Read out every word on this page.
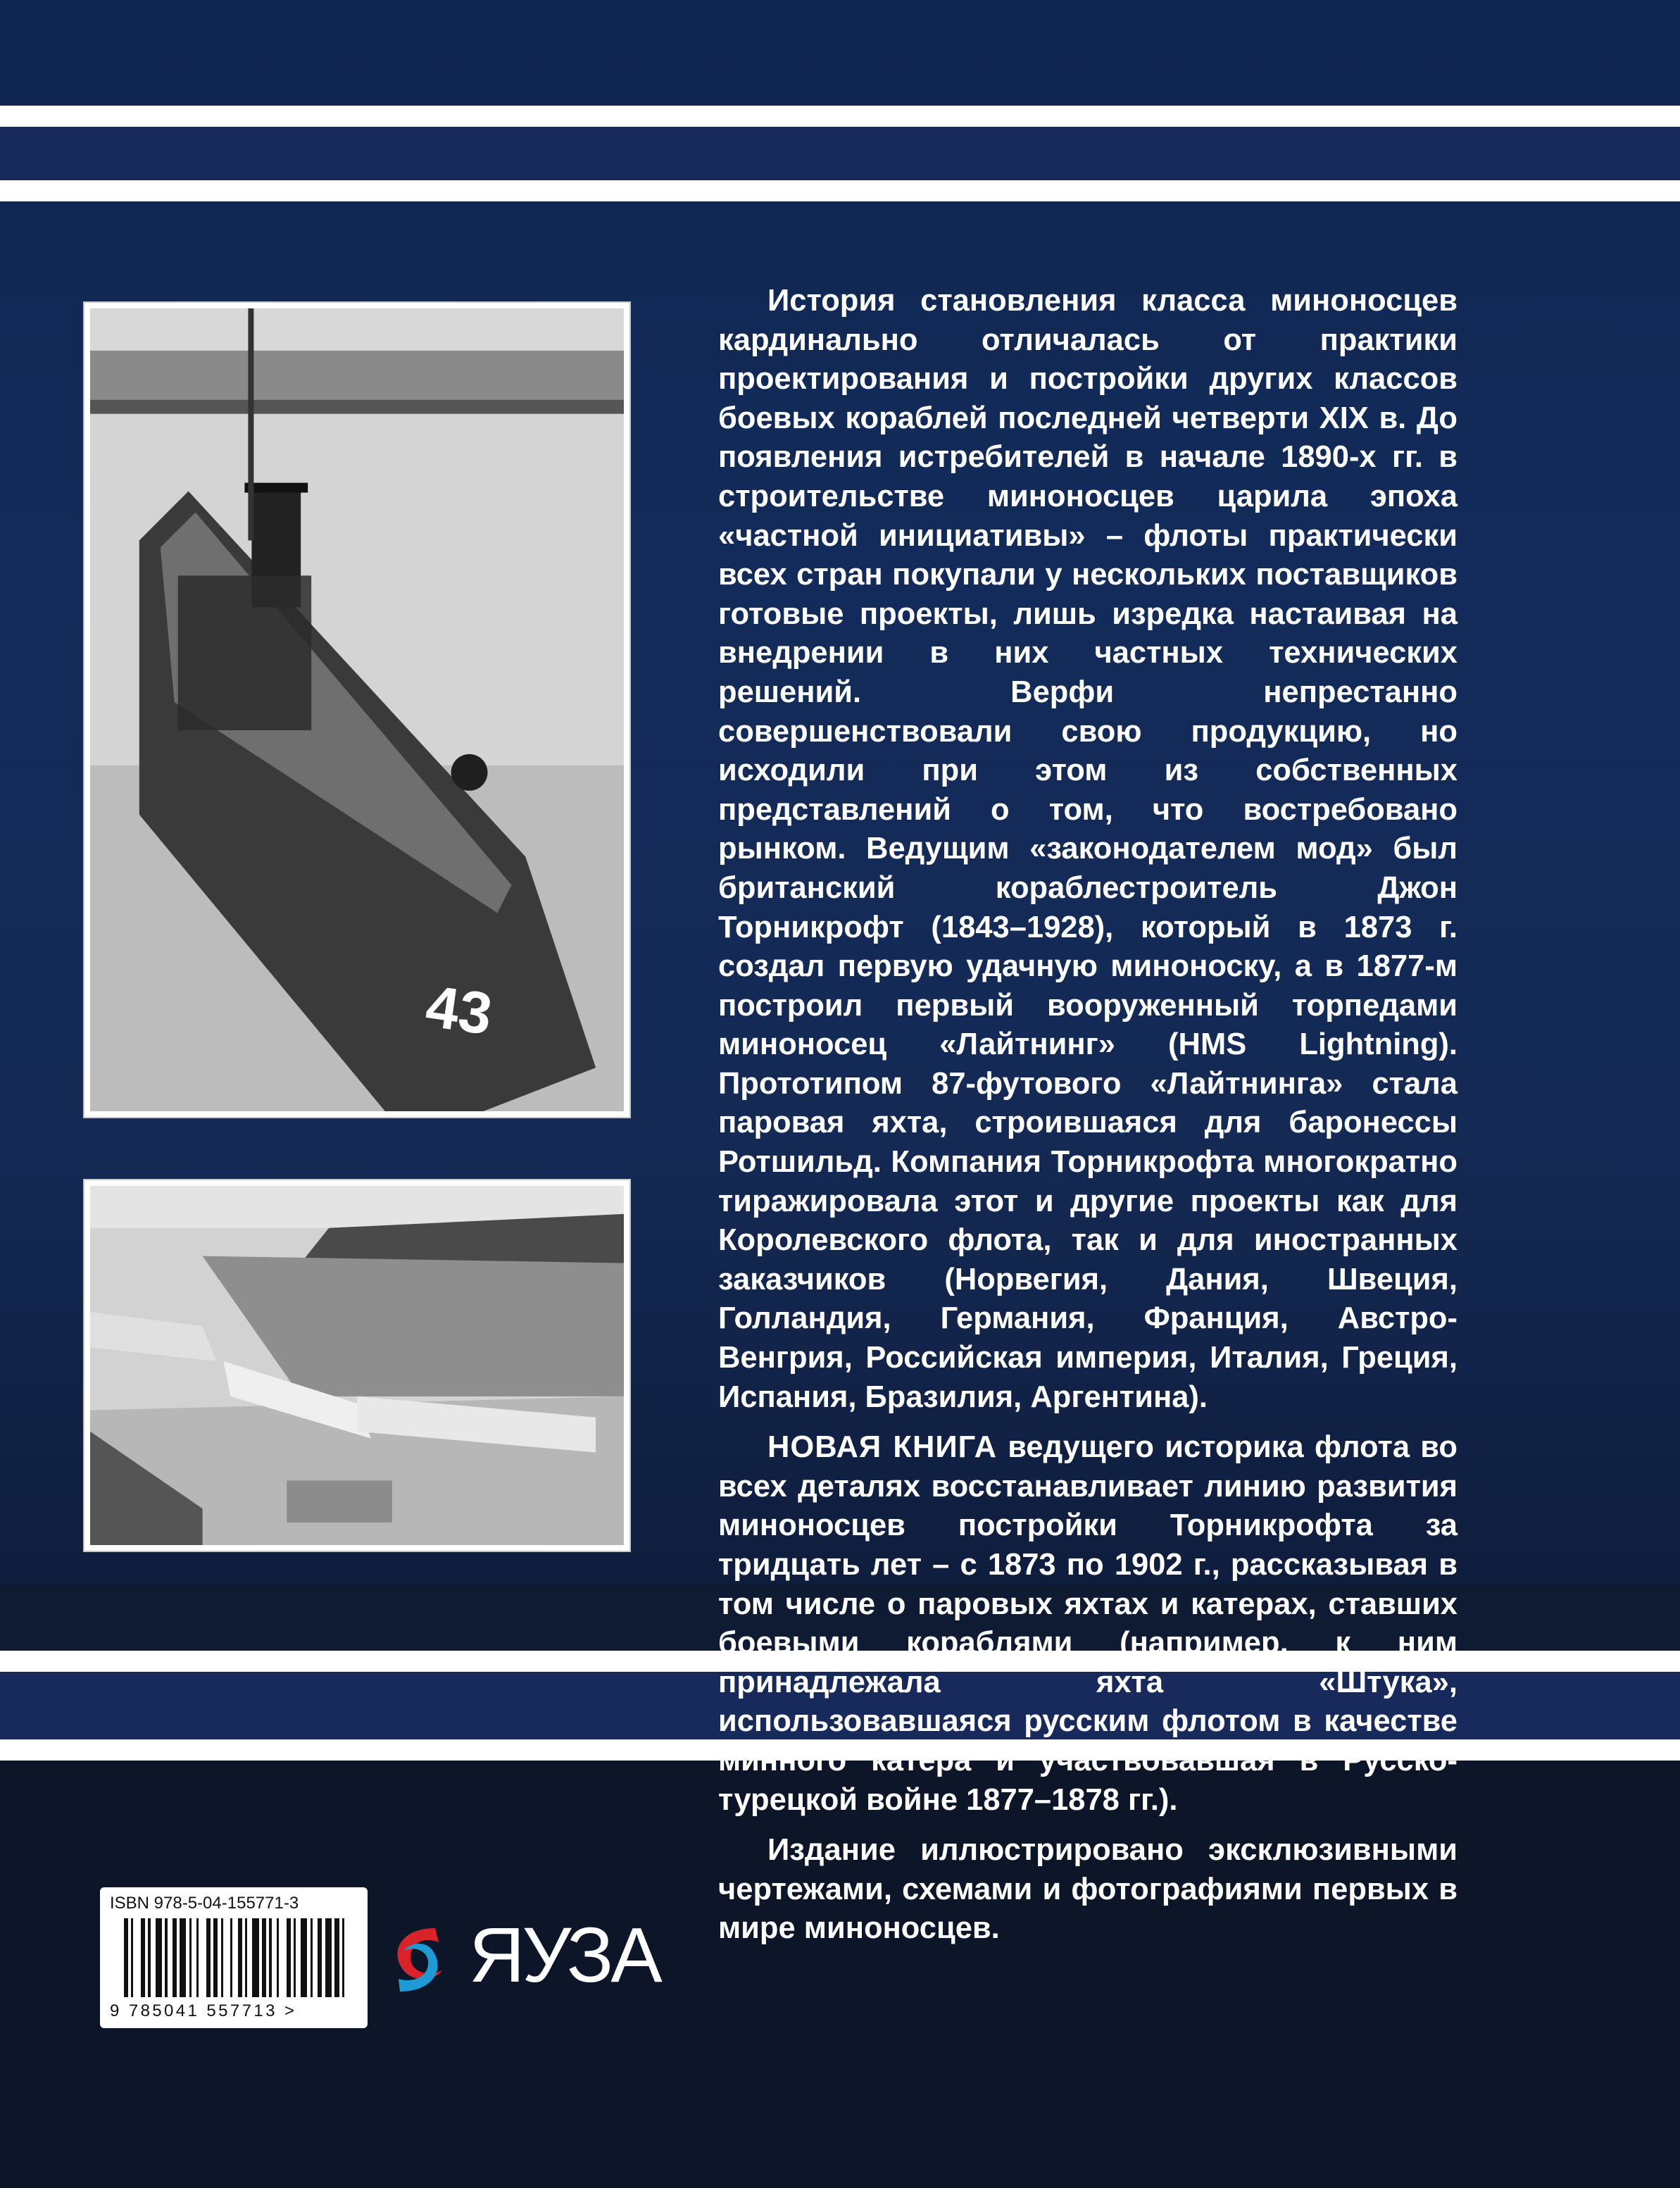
43

История становления класса миноносцев кардинально отличалась от практики проектирования и постройки других классов боевых кораблей последней четверти XIX в. До появления истребителей в начале 1890-х гг. в строительстве миноносцев царила эпоха «частной инициативы» – флоты практически всех стран покупали у нескольких поставщиков готовые проекты, лишь изредка настаивая на внедрении в них частных технических решений. Верфи непрестанно совершенствовали свою продукцию, но исходили при этом из собственных представлений о том, что востребовано рынком. Ведущим «законодателем мод» был британский кораблестроитель Джон Торникрофт (1843–1928), который в 1873 г. создал первую удачную миноноску, а в 1877-м построил первый вооруженный торпедами миноносец «Лайтнинг» (HMS Lightning). Прототипом 87-футового «Лайтнинга» стала паровая яхта, строившаяся для баронессы Ротшильд. Компания Торникрофта многократно тиражировала этот и другие проекты как для Королевского флота, так и для иностранных заказчиков (Норвегия, Дания, Швеция, Голландия, Германия, Франция, Австро-Венгрия, Российская империя, Италия, Греция, Испания, Бразилия, Аргентина).

НОВАЯ КНИГА ведущего историка флота во всех деталях восстанавливает линию развития миноносцев постройки Торникрофта за тридцать лет – с 1873 по 1902 г., рассказывая в том числе о паровых яхтах и катерах, ставших боевыми кораблями (например, к ним принадлежала яхта «Штука», использовавшаяся русским флотом в качестве минного катера и участвовавшая в Русско-турецкой войне 1877–1878 гг.).

Издание иллюстрировано эксклюзивными чертежами, схемами и фотографиями первых в мире миноносцев.

ISBN 978-5-04-155771-3
9 785041 557713 >
ЯУЗА
